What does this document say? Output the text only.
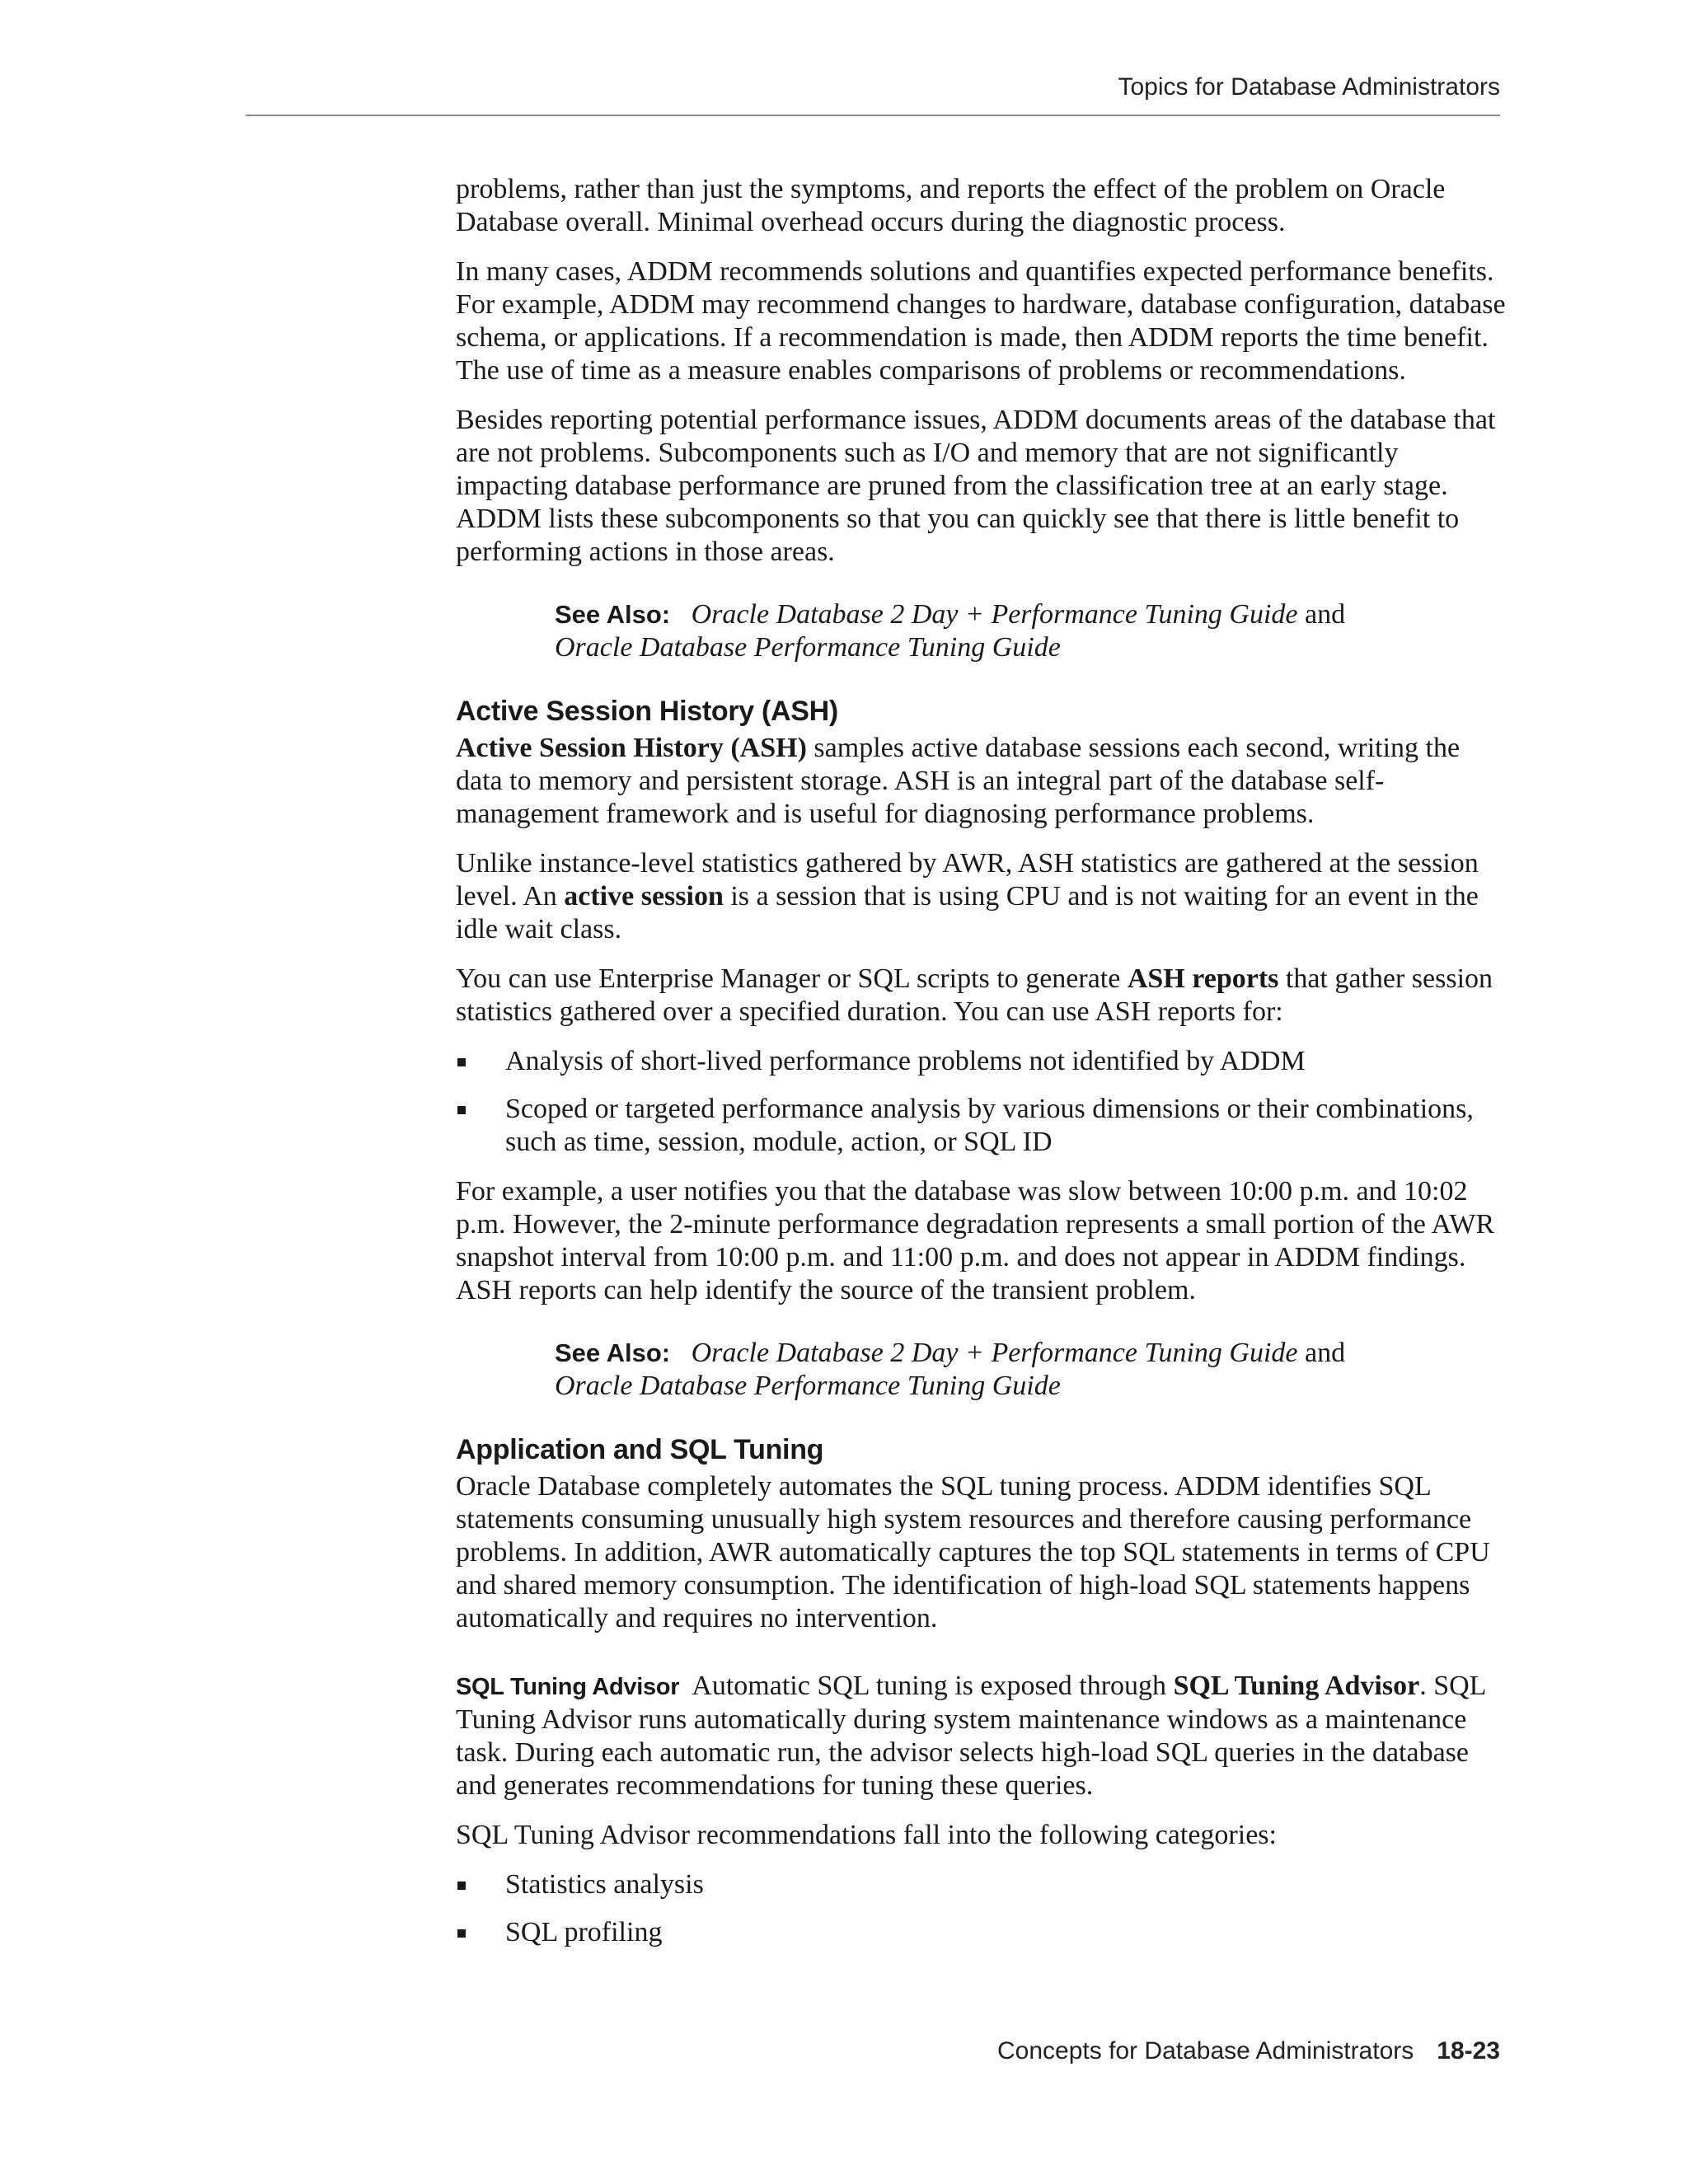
Topics for Database Administrators

problems, rather than just the symptoms, and reports the effect of the problem on Oracle Database overall. Minimal overhead occurs during the diagnostic process.

In many cases, ADDM recommends solutions and quantifies expected performance benefits. For example, ADDM may recommend changes to hardware, database configuration, database schema, or applications. If a recommendation is made, then ADDM reports the time benefit. The use of time as a measure enables comparisons of problems or recommendations.

Besides reporting potential performance issues, ADDM documents areas of the database that are not problems. Subcomponents such as I/O and memory that are not significantly impacting database performance are pruned from the classification tree at an early stage. ADDM lists these subcomponents so that you can quickly see that there is little benefit to performing actions in those areas.

See Also: Oracle Database 2 Day + Performance Tuning Guide and
Oracle Database Performance Tuning Guide
Active Session History (ASH)

Active Session History (ASH) samples active database sessions each second, writing the data to memory and persistent storage. ASH is an integral part of the database self-management framework and is useful for diagnosing performance problems.

Unlike instance-level statistics gathered by AWR, ASH statistics are gathered at the session level. An active session is a session that is using CPU and is not waiting for an event in the idle wait class.

You can use Enterprise Manager or SQL scripts to generate ASH reports that gather session statistics gathered over a specified duration. You can use ASH reports for:

Analysis of short-lived performance problems not identified by ADDM
Scoped or targeted performance analysis by various dimensions or their combinations, such as time, session, module, action, or SQL ID

For example, a user notifies you that the database was slow between 10:00 p.m. and 10:02 p.m. However, the 2-minute performance degradation represents a small portion of the AWR snapshot interval from 10:00 p.m. and 11:00 p.m. and does not appear in ADDM findings. ASH reports can help identify the source of the transient problem.

See Also: Oracle Database 2 Day + Performance Tuning Guide and
Oracle Database Performance Tuning Guide
Application and SQL Tuning

Oracle Database completely automates the SQL tuning process. ADDM identifies SQL statements consuming unusually high system resources and therefore causing performance problems. In addition, AWR automatically captures the top SQL statements in terms of CPU and shared memory consumption. The identification of high-load SQL statements happens automatically and requires no intervention.

SQL Tuning Advisor  Automatic SQL tuning is exposed through SQL Tuning Advisor. SQL Tuning Advisor runs automatically during system maintenance windows as a maintenance task. During each automatic run, the advisor selects high-load SQL queries in the database and generates recommendations for tuning these queries.

SQL Tuning Advisor recommendations fall into the following categories:

Statistics analysis
SQL profiling
Concepts for Database Administrators 18-23
